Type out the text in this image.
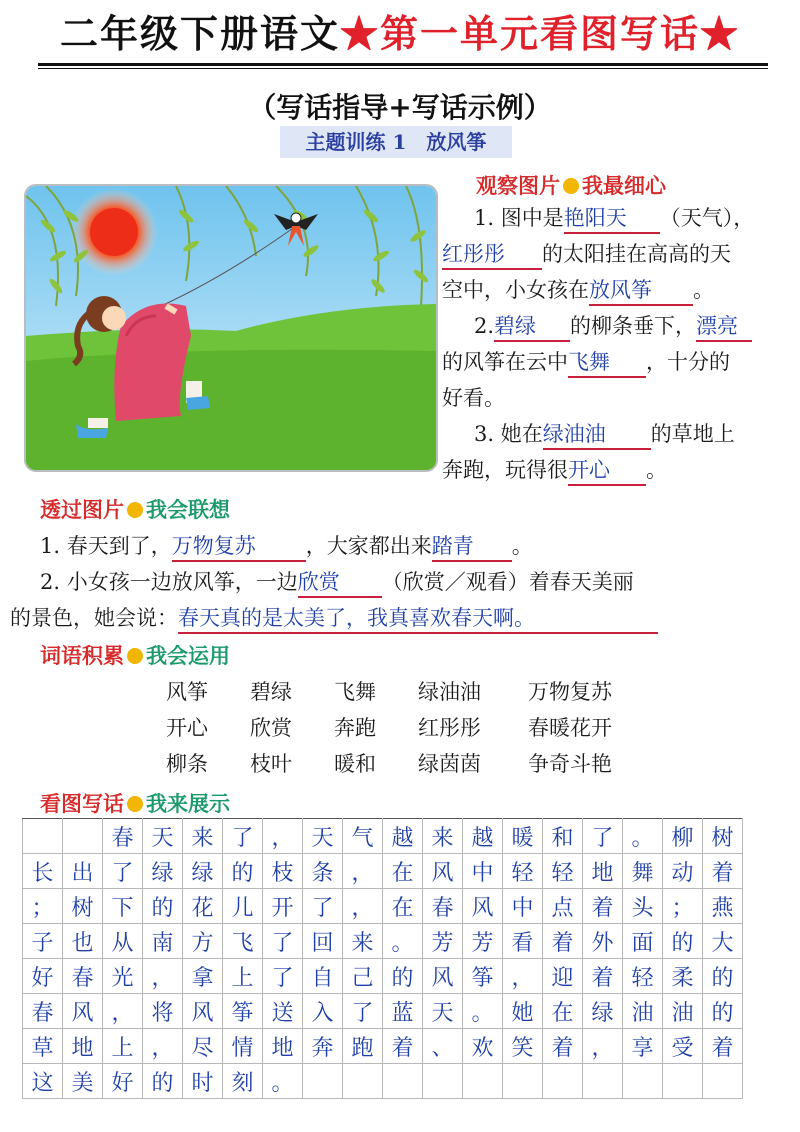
二年级下册语文★第一单元看图写话★
（写话指导+写话示例）
主题训练 1　放风筝
观察图片 我最细心
1. 图中是艳阳天 （天气），
红彤彤 的太阳挂在高高的天
空中，小女孩在放风筝 。
2.碧绿 的柳条垂下，漂亮
的风筝在云中飞舞 ，十分的
好看。
3. 她在绿油油 的草地上
奔跑，玩得很开心 。
透过图片 我会联想
1. 春天到了，万物复苏 ，大家都出来踏青 。
2. 小女孩一边放风筝，一边欣赏 （欣赏／观看）着春天美丽
的景色，她会说：春天真的是太美了，我真喜欢春天啊。
词语积累 我会运用
风筝 碧绿 飞舞 绿油油 万物复苏
开心 欣赏 奔跑 红彤彤 春暖花开
柳条 枝叶 暖和 绿茵茵 争奇斗艳
看图写话 我来展示
		春	天	来	了	，	天	气	越	来	越	暖	和	了	。	柳	树
长	出	了	绿	绿	的	枝	条	，	在	风	中	轻	轻	地	舞	动	着
；	树	下	的	花	儿	开	了	，	在	春	风	中	点	着	头	；	燕
子	也	从	南	方	飞	了	回	来	。	芳	芳	看	着	外	面	的	大
好	春	光	，	拿	上	了	自	己	的	风	筝	，	迎	着	轻	柔	的
春	风	，	将	风	筝	送	入	了	蓝	天	。	她	在	绿	油	油	的
草	地	上	，	尽	情	地	奔	跑	着	、	欢	笑	着	，	享	受	着
这	美	好	的	时	刻	。											
